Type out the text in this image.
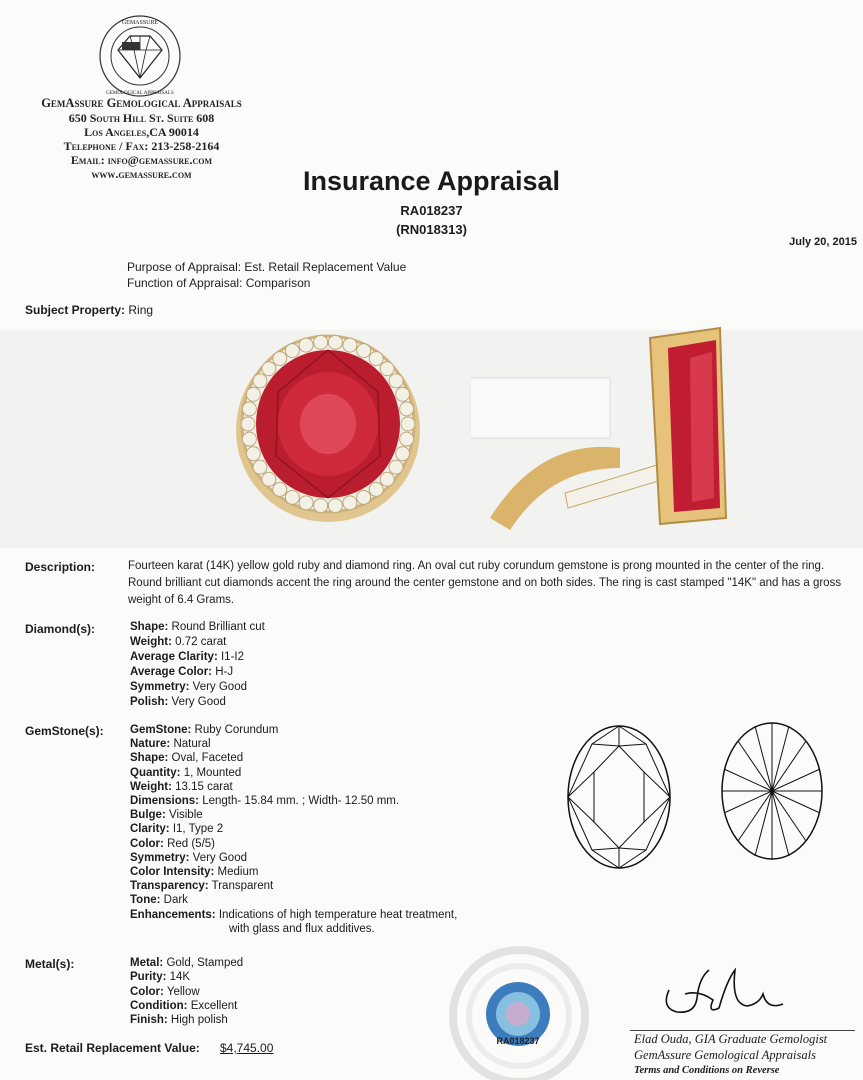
GEMASSURE
GEMOLOGICAL APPRAISALS
GemAssure Gemological Appraisals
650 South Hill St. Suite 608
Los Angeles,CA 90014
Telephone / Fax: 213-258-2164
Email: info@gemassure.com
www.gemassure.com	Insurance Appraisal
RA018237
(RN018313)
July 20, 2015
Purpose of Appraisal: Est. Retail Replacement Value
Function of Appraisal: Comparison
Subject Property: Ring
Description:	Fourteen karat (14K) yellow gold ruby and diamond ring. An oval cut ruby corundum gemstone is prong mounted in the center of the ring. Round brilliant cut diamonds accent the ring around the center gemstone and on both sides. The ring is cast stamped "14K" and has a gross weight of 6.4 Grams.
Diamond(s):	Shape: Round Brilliant cut
Weight: 0.72 carat
Average Clarity: I1-I2
Average Color: H-J
Symmetry: Very Good
Polish: Very Good
GemStone(s): GemStone: Ruby Corundum
Nature: Natural
Shape: Oval, Faceted
Quantity: 1, Mounted
Weight: 13.15 carat
Dimensions: Length- 15.84 mm. ; Width- 12.50 mm.
Bulge: Visible
Clarity: I1, Type 2
Color: Red (5/5)
Symmetry: Very Good
Color Intensity: Medium
Transparency: Transparent
Tone: Dark
Enhancements: Indications of high temperature heat treatment,
with glass and flux additives.
Metal(s):	Metal: Gold, Stamped
Purity: 14K
Color: Yellow
Condition: Excellent
Finish: High polish
RA018237	Elad Ouda, GIA Graduate Gemologist
GemAssure Gemological Appraisals
Terms and Conditions on Reverse
Est. Retail Replacement Value: $4,745.00
